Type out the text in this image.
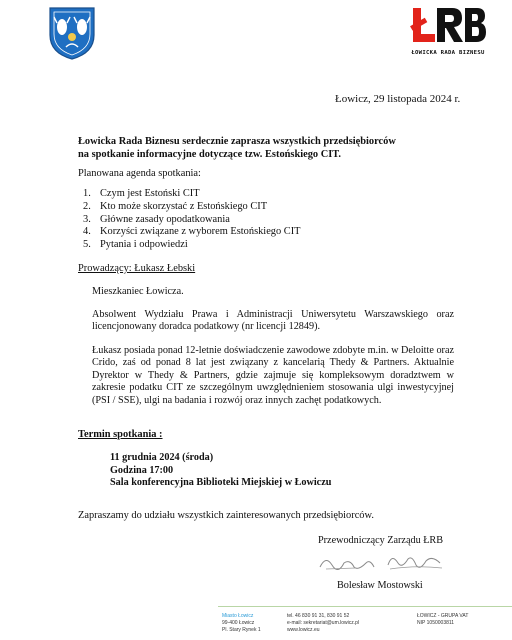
ŁOWICKA RADA BIZNESU
Łowicz, 29 listopada 2024 r.
Łowicka Rada Biznesu serdecznie zaprasza wszystkich przedsiębiorców
na spotkanie informacyjne dotyczące tzw. Estońskiego CIT.
Planowana agenda spotkania:
1. Czym jest Estoński CIT
2. Kto może skorzystać z Estońskiego CIT
3. Główne zasady opodatkowania
4. Korzyści związane z wyborem Estońskiego CIT
5. Pytania i odpowiedzi
Prowadzący: Łukasz Łebski
Mieszkaniec Łowicza.
Absolwent Wydziału Prawa i Administracji Uniwersytetu Warszawskiego oraz licencjonowany doradca podatkowy (nr licencji 12849).
Łukasz posiada ponad 12-letnie doświadczenie zawodowe zdobyte m.in. w Deloitte oraz Crido, zaś od ponad 8 lat jest związany z kancelarią Thedy & Partners. Aktualnie Dyrektor w Thedy & Partners, gdzie zajmuje się kompleksowym doradztwem w zakresie podatku CIT ze szczególnym uwzględnieniem stosowania ulgi inwestycyjnej (PSI / SSE), ulgi na badania i rozwój oraz innych zachęt podatkowych.
Termin spotkania :
11 grudnia 2024 (środa)
Godzina 17:00
Sala konferencyjna Biblioteki Miejskiej w Łowiczu
Zapraszamy do udziału wszystkich zainteresowanych przedsiębiorców.
Przewodniczący Zarządu ŁRB
Bolesław Mostowski
Miasto Łowicz
99-400 Łowicz
Pl. Stary Rynek 1
tel. 46 830 91 31, 830 91 52
e-mail: sekretariat@um.lowicz.pl
www.lowicz.eu
ŁOWICZ - GRUPA VAT
NIP 1050003811
